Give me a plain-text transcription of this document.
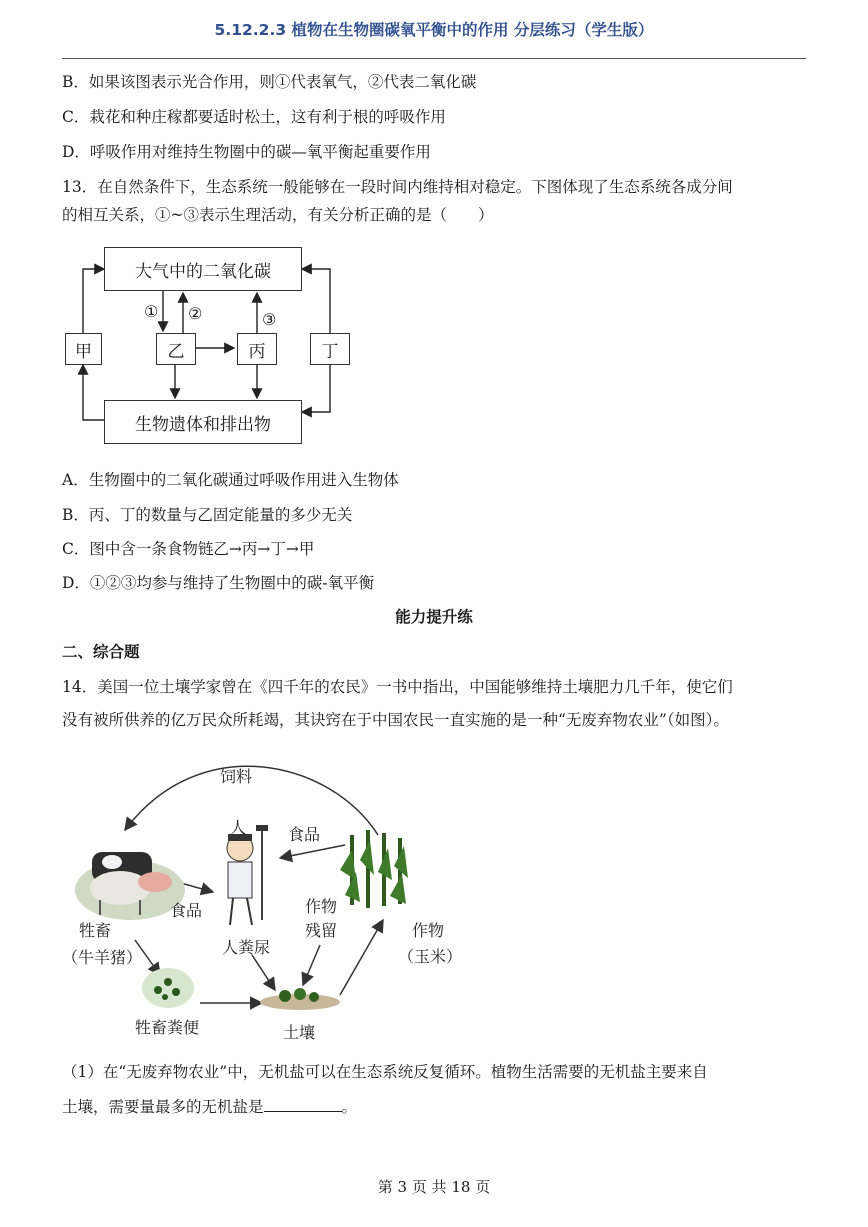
5.12.2.3 植物在生物圈碳氧平衡中的作用 分层练习（学生版）
B．如果该图表示光合作用，则①代表氧气，②代表二氧化碳
C．栽花和种庄稼都要适时松土，这有利于根的呼吸作用
D．呼吸作用对维持生物圈中的碳—氧平衡起重要作用
13．在自然条件下，生态系统一般能够在一段时间内维持相对稳定。下图体现了生态系统各成分间
的相互关系，①~③表示生理活动，有关分析正确的是（　　）
大气中的二氧化碳
甲	乙	丙	丁
生物遗体和排出物
① ②	③
A．生物圈中的二氧化碳通过呼吸作用进入生物体
B．丙、丁的数量与乙固定能量的多少无关
C．图中含一条食物链乙→丙→丁→甲
D．①②③均参与维持了生物圈中的碳-氧平衡
能力提升练
二、综合题
14．美国一位土壤学家曾在《四千年的农民》一书中指出，中国能够维持土壤肥力几千年，使它们
没有被所供养的亿万民众所耗竭，其诀窍在于中国农民一直实施的是一种“无废弃物农业”（如图）。
饲料
人	食品
食品
牲畜
（牛羊猪）
人粪尿
作物
残留	作物
（玉米）
牲畜粪便	土壤
（1）在“无废弃物农业”中，无机盐可以在生态系统反复循环。植物生活需要的无机盐主要来自
土壤，需要量最多的无机盐是	。
第 3 页 共 18 页
